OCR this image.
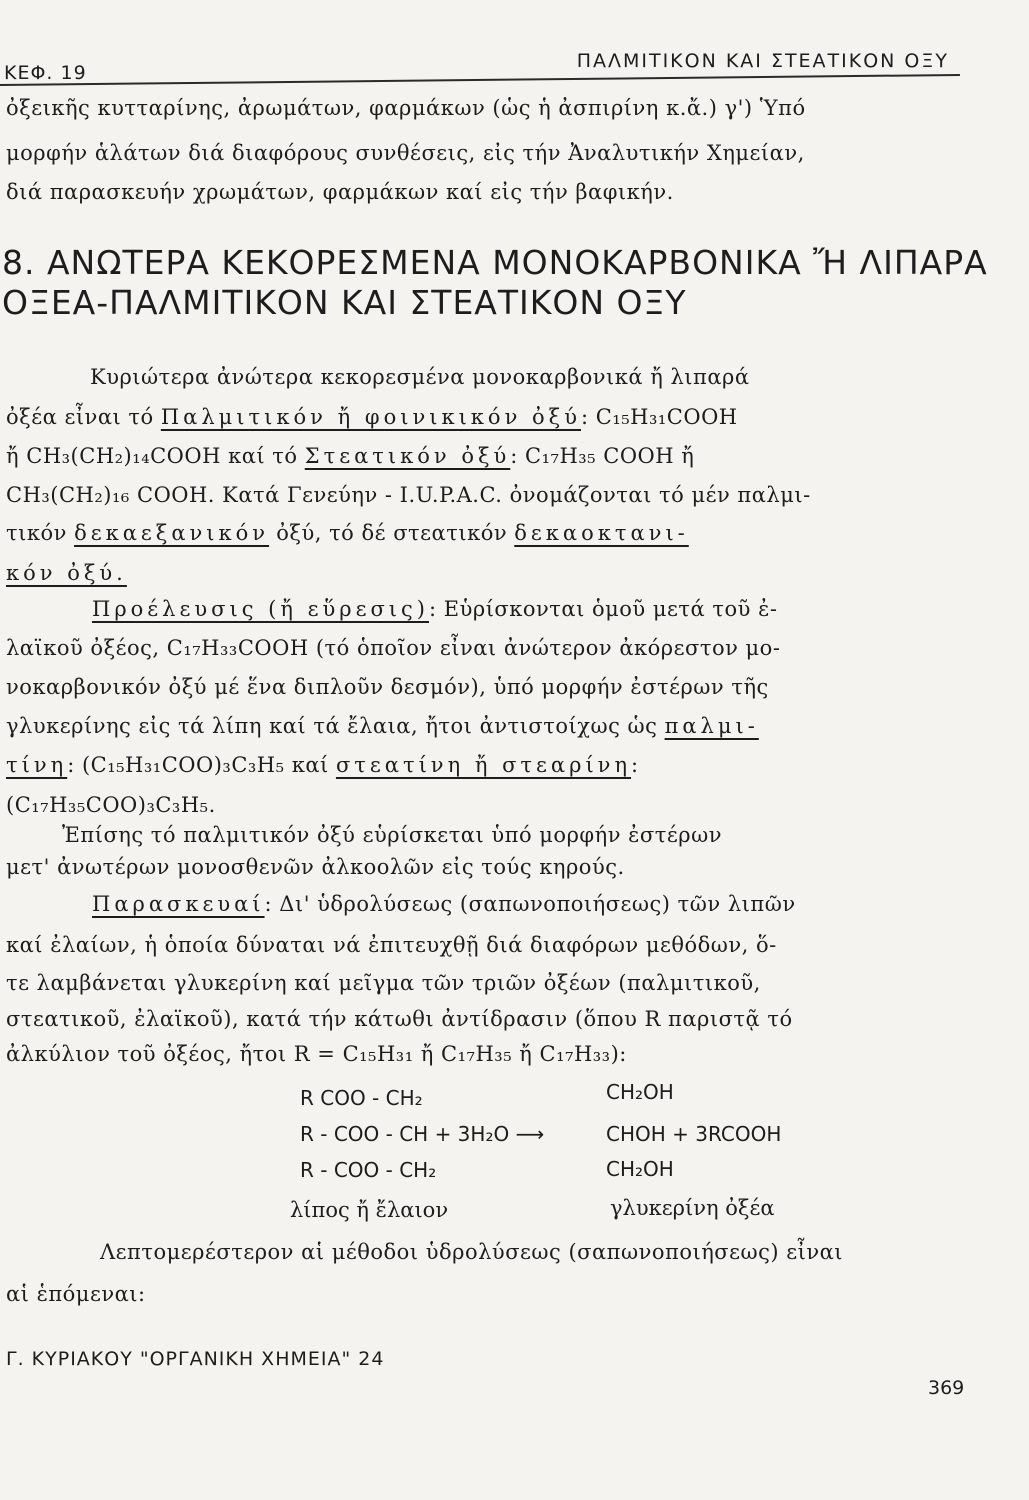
ΚΕΦ. 19
ΠΑΛΜΙΤΙΚΟΝ ΚΑΙ ΣΤΕΑΤΙΚΟΝ ΟΞΥ
ὀξεικῆς κυτταρίνης, ἀρωμάτων, φαρμάκων (ὡς ἡ ἀσπιρίνη κ.ἄ.) γ') Ὑπό
μορφήν ἁλάτων διά διαφόρους συνθέσεις, εἰς τήν Ἀναλυτικήν Χημείαν,
διά παρασκευήν χρωμάτων, φαρμάκων καί εἰς τήν βαφικήν.
8. ΑΝΩΤΕΡΑ ΚΕΚΟΡΕΣΜΕΝΑ ΜΟΝΟΚΑΡΒΟΝΙΚΑ Ἤ ΛΙΠΑΡΑ
ΟΞΕΑ-ΠΑΛΜΙΤΙΚΟΝ ΚΑΙ ΣΤΕΑΤΙΚΟΝ ΟΞΥ
Κυριώτερα ἀνώτερα κεκορεσμένα μονοκαρβονικά ἤ λιπαρά
ὀξέα εἶναι τό Παλμιτικόν ἤ φοινικικόν ὀξύ: C₁₅H₃₁COOH
ἤ CH₃(CH₂)₁₄COOH καί τό Στεατικόν ὀξύ: C₁₇H₃₅ COOH ἤ
CH₃(CH₂)₁₆ COOH. Κατά Γενεύην - I.U.P.A.C. ὀνομάζονται τό μέν παλμι-
τικόν δεκαεξανικόν ὀξύ, τό δέ στεατικόν δεκαοκτανι-
κόν ὀξύ.
Προέλευσις (ἤ εὕρεσις): Εὑρίσκονται ὁμοῦ μετά τοῦ ἐ-
λαϊκοῦ ὀξέος, C₁₇H₃₃COOH (τό ὁποῖον εἶναι ἀνώτερον ἀκόρεστον μο-
νοκαρβονικόν ὀξύ μέ ἕνα διπλοῦν δεσμόν), ὑπό μορφήν ἐστέρων τῆς
γλυκερίνης εἰς τά λίπη καί τά ἔλαια, ἤτοι ἀντιστοίχως ὡς παλμι-
τίνη: (C₁₅H₃₁COO)₃C₃H₅ καί στεατίνη ἤ στεαρίνη:
(C₁₇H₃₅COO)₃C₃H₅.
Ἐπίσης τό παλμιτικόν ὀξύ εὑρίσκεται ὑπό μορφήν ἐστέρων
μετ' ἀνωτέρων μονοσθενῶν ἀλκοολῶν εἰς τούς κηρούς.
Παρασκευαί: Δι' ὑδρολύσεως (σαπωνοποιήσεως) τῶν λιπῶν
καί ἐλαίων, ἡ ὁποία δύναται νά ἐπιτευχθῇ διά διαφόρων μεθόδων, ὅ-
τε λαμβάνεται γλυκερίνη καί μεῖγμα τῶν τριῶν ὀξέων (παλμιτικοῦ,
στεατικοῦ, ἐλαϊκοῦ), κατά τήν κάτωθι ἀντίδρασιν (ὅπου R παριστᾷ τό
ἀλκύλιον τοῦ ὀξέος, ἤτοι R = C₁₅H₃₁ ἤ C₁₇H₃₅ ἤ C₁₇H₃₃):
R COO - CH₂
R - COO - CH + 3H₂O ⟶
R - COO - CH₂
CH₂OH
CHOH + 3RCOOH
CH₂OH
λίπος ἤ ἔλαιον	γλυκερίνη ὀξέα
Λεπτομερέστερον αἱ μέθοδοι ὑδρολύσεως (σαπωνοποιήσεως) εἶναι
αἱ ἑπόμεναι:
Γ. ΚΥΡΙΑΚΟΥ "ΟΡΓΑΝΙΚΗ ΧΗΜΕΙΑ" 24
369
